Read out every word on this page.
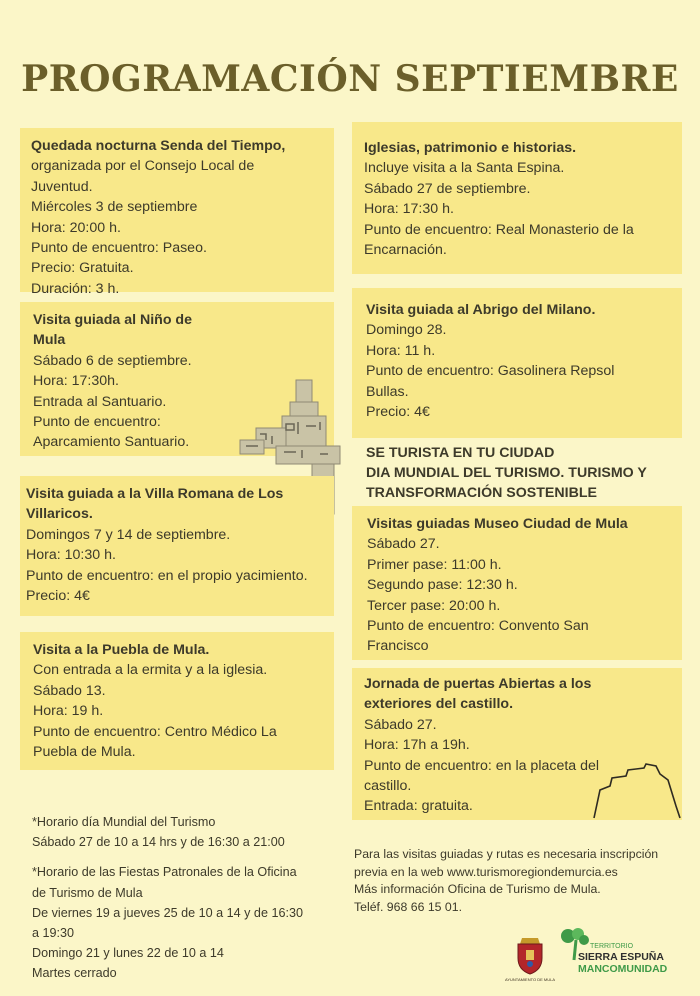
PROGRAMACIÓN SEPTIEMBRE
Quedada nocturna Senda del Tiempo,
organizada por el Consejo Local de
Juventud.
Miércoles 3 de septiembre
Hora: 20:00 h.
Punto de encuentro: Paseo.
Precio: Gratuita.
Duración: 3 h.
Visita guiada al Niño de
Mula
Sábado 6 de septiembre.
Hora: 17:30h.
Entrada al Santuario.
Punto de encuentro:
Aparcamiento Santuario.
Visita guiada a la Villa Romana de Los
Villaricos.
Domingos 7 y 14 de septiembre.
Hora: 10:30 h.
Punto de encuentro: en el propio yacimiento.
Precio: 4€
Visita a la Puebla de Mula.
Con entrada a la ermita y a la iglesia.
Sábado 13.
Hora: 19 h.
Punto de encuentro: Centro Médico La
Puebla de Mula.
Iglesias, patrimonio e historias.
Incluye visita a la Santa Espina.
Sábado 27 de septiembre.
Hora: 17:30 h.
Punto de encuentro: Real Monasterio de la
Encarnación.
Visita guiada al Abrigo del Milano.
Domingo 28.
Hora: 11 h.
Punto de encuentro: Gasolinera Repsol
Bullas.
Precio: 4€
SE TURISTA EN TU CIUDAD
DIA MUNDIAL DEL TURISMO. TURISMO Y
TRANSFORMACIÓN SOSTENIBLE
Visitas guiadas Museo Ciudad de Mula
Sábado 27.
Primer pase: 11:00 h.
Segundo pase: 12:30 h.
Tercer pase: 20:00 h.
Punto de encuentro: Convento San
Francisco
Jornada de puertas Abiertas a los
exteriores del castillo.
Sábado 27.
Hora: 17h a 19h.
Punto de encuentro: en la placeta del
castillo.
Entrada: gratuita.
*Horario día Mundial del Turismo
Sábado 27 de 10 a 14 hrs y de 16:30 a 21:00
*Horario de las Fiestas Patronales de la Oficina
de Turismo de Mula
De viernes 19 a jueves 25 de 10 a 14 y de 16:30
a 19:30
Domingo 21 y lunes 22 de 10 a 14
Martes cerrado
Para las visitas guiadas y rutas es necesaria inscripción
previa en la web www.turismoregiondemurcia.es
Más información Oficina de Turismo de Mula.
Teléf. 968 66 15 01.
AYUNTAMIENTO DE MULA
TERRITORIO
SIERRA ESPUÑA
MANCOMUNIDAD
